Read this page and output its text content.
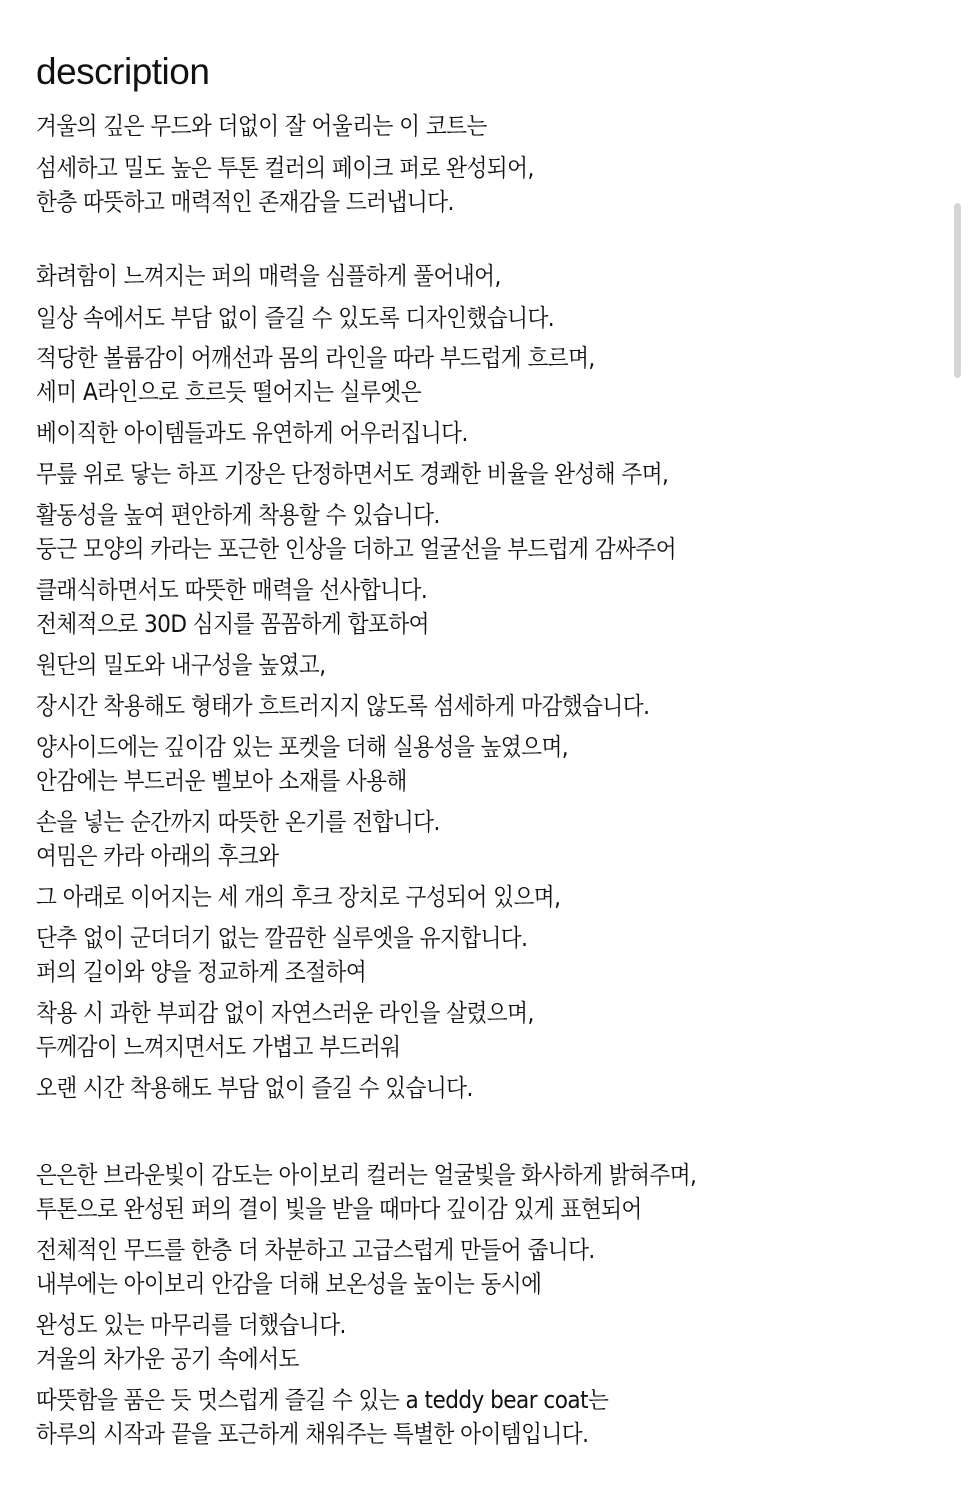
description
겨울의 깊은 무드와 더없이 잘 어울리는 이 코트는
섬세하고 밀도 높은 투톤 컬러의 페이크 퍼로 완성되어,
한층 따뜻하고 매력적인 존재감을 드러냅니다.
화려함이 느껴지는 퍼의 매력을 심플하게 풀어내어,
일상 속에서도 부담 없이 즐길 수 있도록 디자인했습니다.
적당한 볼륨감이 어깨선과 몸의 라인을 따라 부드럽게 흐르며,
세미 A라인으로 흐르듯 떨어지는 실루엣은
베이직한 아이템들과도 유연하게 어우러집니다.
무릎 위로 닿는 하프 기장은 단정하면서도 경쾌한 비율을 완성해 주며,
활동성을 높여 편안하게 착용할 수 있습니다.
둥근 모양의 카라는 포근한 인상을 더하고 얼굴선을 부드럽게 감싸주어
클래식하면서도 따뜻한 매력을 선사합니다.
전체적으로 30D 심지를 꼼꼼하게 합포하여
원단의 밀도와 내구성을 높였고,
장시간 착용해도 형태가 흐트러지지 않도록 섬세하게 마감했습니다.
양사이드에는 깊이감 있는 포켓을 더해 실용성을 높였으며,
안감에는 부드러운 벨보아 소재를 사용해
손을 넣는 순간까지 따뜻한 온기를 전합니다.
여밈은 카라 아래의 후크와
그 아래로 이어지는 세 개의 후크 장치로 구성되어 있으며,
단추 없이 군더더기 없는 깔끔한 실루엣을 유지합니다.
퍼의 길이와 양을 정교하게 조절하여
착용 시 과한 부피감 없이 자연스러운 라인을 살렸으며,
두께감이 느껴지면서도 가볍고 부드러워
오랜 시간 착용해도 부담 없이 즐길 수 있습니다.
은은한 브라운빛이 감도는 아이보리 컬러는 얼굴빛을 화사하게 밝혀주며,
투톤으로 완성된 퍼의 결이 빛을 받을 때마다 깊이감 있게 표현되어
전체적인 무드를 한층 더 차분하고 고급스럽게 만들어 줍니다.
내부에는 아이보리 안감을 더해 보온성을 높이는 동시에
완성도 있는 마무리를 더했습니다.
겨울의 차가운 공기 속에서도
따뜻함을 품은 듯 멋스럽게 즐길 수 있는 a teddy bear coat는
하루의 시작과 끝을 포근하게 채워주는 특별한 아이템입니다.
